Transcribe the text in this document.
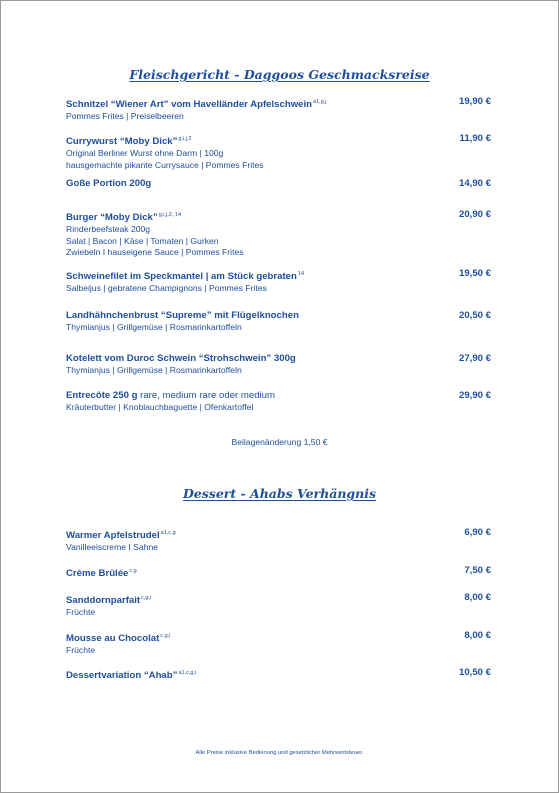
Fleischgericht - Daggoos Geschmacksreise
Schnitzel “Wiener Art” vom Havelländer Apfelschwein$^{a1,g,j}$
Pommes Frites | Preiselbeeren
19,90 €
Currywurst “Moby Dick”$^{g,i,j,2}$
Original Berliner Wurst ohne Darm | 100g
hausgemachte pikante Currysauce | Pommes Frites
11,90 €
Goße Portion 200g	14,90 €
Burger “Moby Dick”$^{g,i,j,2, 14}$
Rinderbeefsteak 200g
Salat | Bacon | Käse | Tomaten | Gurken
Zwiebeln I hauseigene Sauce | Pommes Frites
20,90 €
Schweinefilet im Speckmantel | am Stück gebraten$^{14}$
Salbeijus | gebratene Champignons | Pommes Frites
19,50 €
Landhähnchenbrust “Supreme” mit Flügelknochen
Thymianjus | Grillgemüse | Rosmarinkartoffeln
20,50 €
Kotelett vom Duroc Schwein “Strohschwein” 300g
Thymianjus | Grillgemüse | Rosmarinkartoffeln
27,90 €
Entrecôte 250 g rare, medium rare oder medium
Kräuterbutter | Knoblauchbaguette | Ofenkartoffel
29,90 €
Beilagenänderung 1,50 €
Dessert - Ahabs Verhängnis
Warmer Apfelstrudel$^{a1,c,g}$
Vanilleeiscreme I Sahne
6,90 €
Crème Brûlée$^{c,g}$	7,50 €
Sanddornparfait$^{c,g,i}$
Früchte
8,00 €
Mousse au Chocolat$^{c,g,i}$
Früchte
8,00 €
Dessertvariation “Ahab”$^{a1,c,g,i}$	10,50 €
Alle Preise inklusive Bedienung und gesetzlicher Mehrwertsteuer.
